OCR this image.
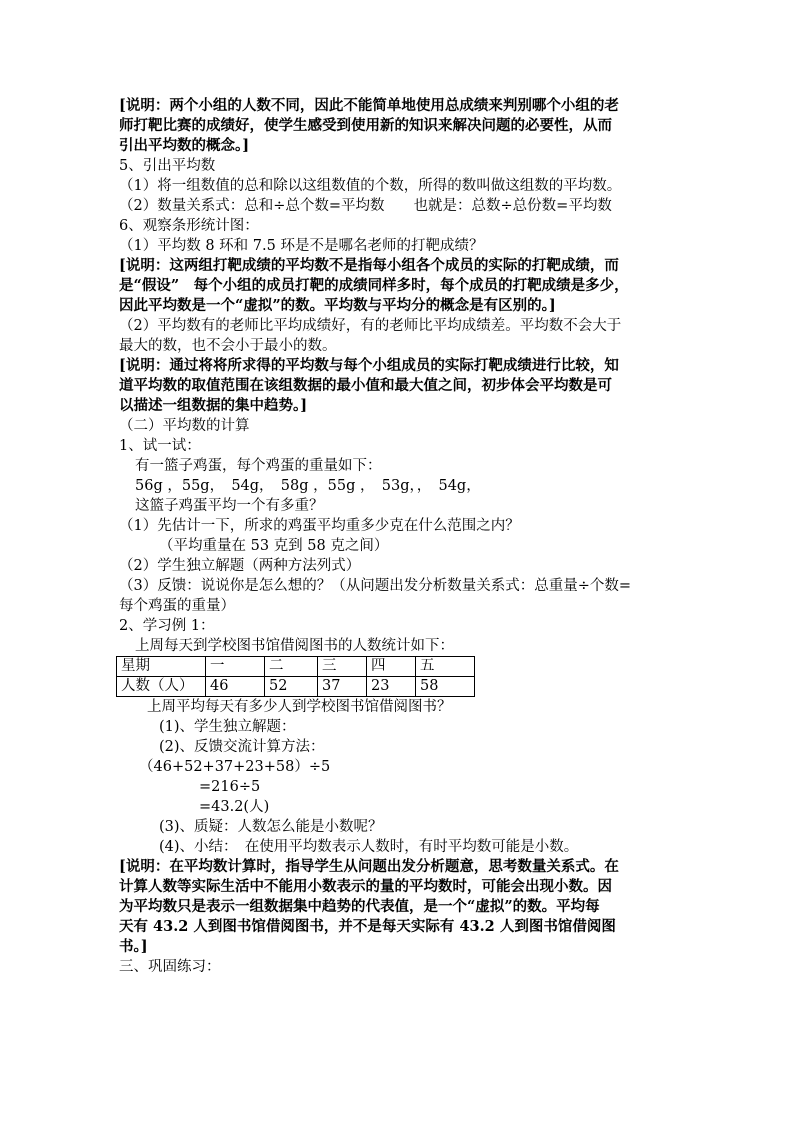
[说明：两个小组的人数不同，因此不能简单地使用总成绩来判别哪个小组的老
师打靶比赛的成绩好，使学生感受到使用新的知识来解决问题的必要性，从而
引出平均数的概念。]
5、引出平均数
（1）将一组数值的总和除以这组数值的个数，所得的数叫做这组数的平均数。
（2）数量关系式：总和÷总个数=平均数　　也就是：总数÷总份数=平均数
6、观察条形统计图：
（1）平均数 8 环和 7.5 环是不是哪名老师的打靶成绩？
[说明：这两组打靶成绩的平均数不是指每小组各个成员的实际的打靶成绩，而
是“假设”　每个小组的成员打靶的成绩同样多时，每个成员的打靶成绩是多少，
因此平均数是一个“虚拟”的数。平均数与平均分的概念是有区别的。]
（2）平均数有的老师比平均成绩好，有的老师比平均成绩差。平均数不会大于
最大的数，也不会小于最小的数。
[说明：通过将将所求得的平均数与每个小组成员的实际打靶成绩进行比较，知
道平均数的取值范围在该组数据的最小值和最大值之间，初步体会平均数是可
以描述一组数据的集中趋势。]
（二）平均数的计算
1、试一试：
有一篮子鸡蛋，每个鸡蛋的重量如下：
56g ，55g，　54g，　58g ，55g ，　53g，，　54g，
这篮子鸡蛋平均一个有多重？
（1）先估计一下，所求的鸡蛋平均重多少克在什么范围之内？
（平均重量在 53 克到 58 克之间）
（2）学生独立解题（两种方法列式）
（3）反馈：说说你是怎么想的？（从问题出发分析数量关系式：总重量÷个数=
每个鸡蛋的重量）
2、学习例 1：
上周每天到学校图书馆借阅图书的人数统计如下：
星期	一	二	三	四	五
人数（人）	46	52	37	23	58
上周平均每天有多少人到学校图书馆借阅图书？
(1)、学生独立解题：
(2)、反馈交流计算方法：
（46+52+37+23+58）÷5
=216÷5
=43.2(人)
(3)、质疑：人数怎么能是小数呢？
(4)、小结：　在使用平均数表示人数时，有时平均数可能是小数。
[说明：在平均数计算时，指导学生从问题出发分析题意，思考数量关系式。在
计算人数等实际生活中不能用小数表示的量的平均数时，可能会出现小数。因
为平均数只是表示一组数据集中趋势的代表值，是一个“虚拟”的数。平均每
天有 43.2 人到图书馆借阅图书，并不是每天实际有 43.2 人到图书馆借阅图
书。]
三、巩固练习：
